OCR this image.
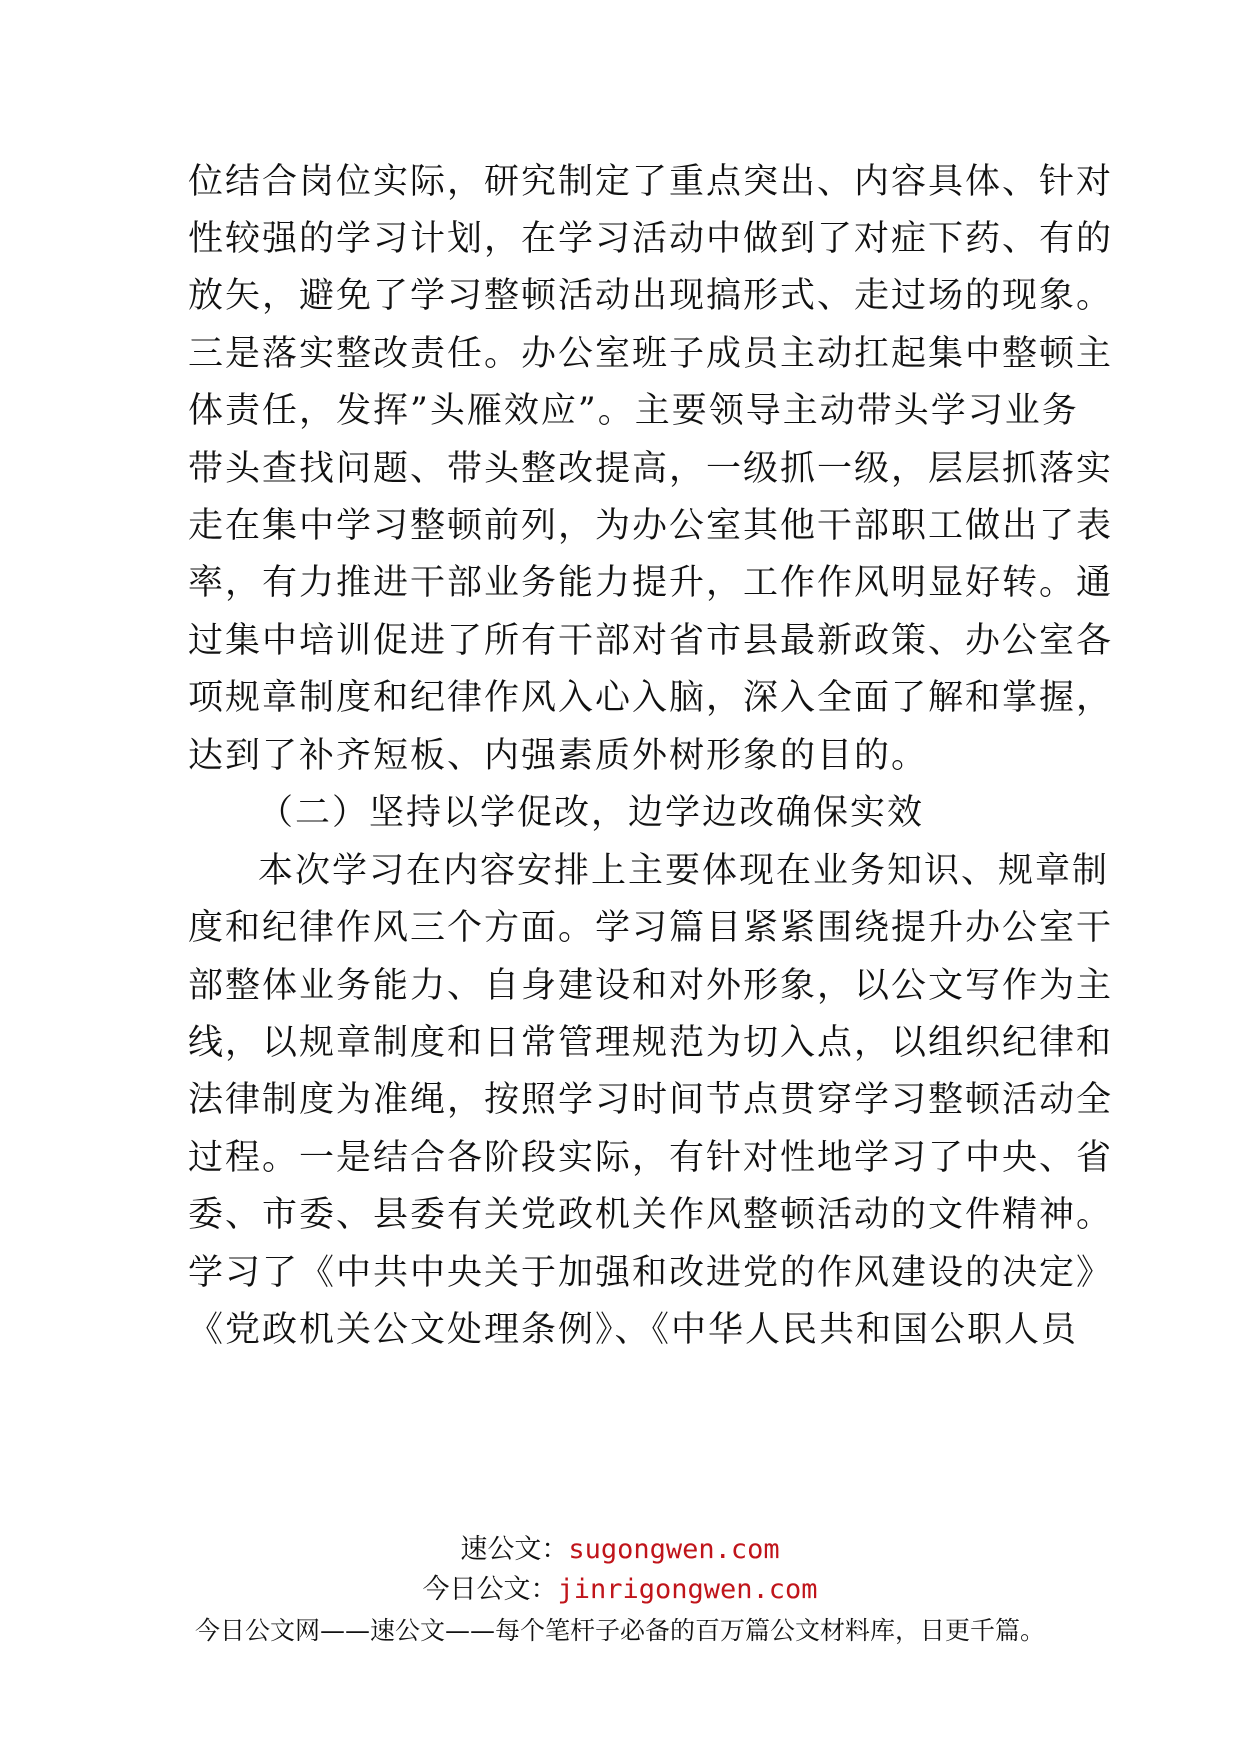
位结合岗位实际，研究制定了重点突出、内容具体、针对
性较强的学习计划，在学习活动中做到了对症下药、有的
放矢，避免了学习整顿活动出现搞形式、走过场的现象。
三是落实整改责任。办公室班子成员主动扛起集中整顿主
体责任，发挥”头雁效应”。主要领导主动带头学习业务
带头查找问题、带头整改提高，一级抓一级，层层抓落实
走在集中学习整顿前列，为办公室其他干部职工做出了表
率，有力推进干部业务能力提升，工作作风明显好转。通
过集中培训促进了所有干部对省市县最新政策、办公室各
项规章制度和纪律作风入心入脑，深入全面了解和掌握，
达到了补齐短板、内强素质外树形象的目的。
（二）坚持以学促改，边学边改确保实效
本次学习在内容安排上主要体现在业务知识、规章制
度和纪律作风三个方面。学习篇目紧紧围绕提升办公室干
部整体业务能力、自身建设和对外形象，以公文写作为主
线，以规章制度和日常管理规范为切入点，以组织纪律和
法律制度为准绳，按照学习时间节点贯穿学习整顿活动全
过程。一是结合各阶段实际，有针对性地学习了中央、省
委、市委、县委有关党政机关作风整顿活动的文件精神。
学习了《中共中央关于加强和改进党的作风建设的决定》
《党政机关公文处理条例》、《中华人民共和国公职人员
速公文：sugongwen.com
今日公文：jinrigongwen.com
今日公文网——速公文——每个笔杆子必备的百万篇公文材料库，日更千篇。
